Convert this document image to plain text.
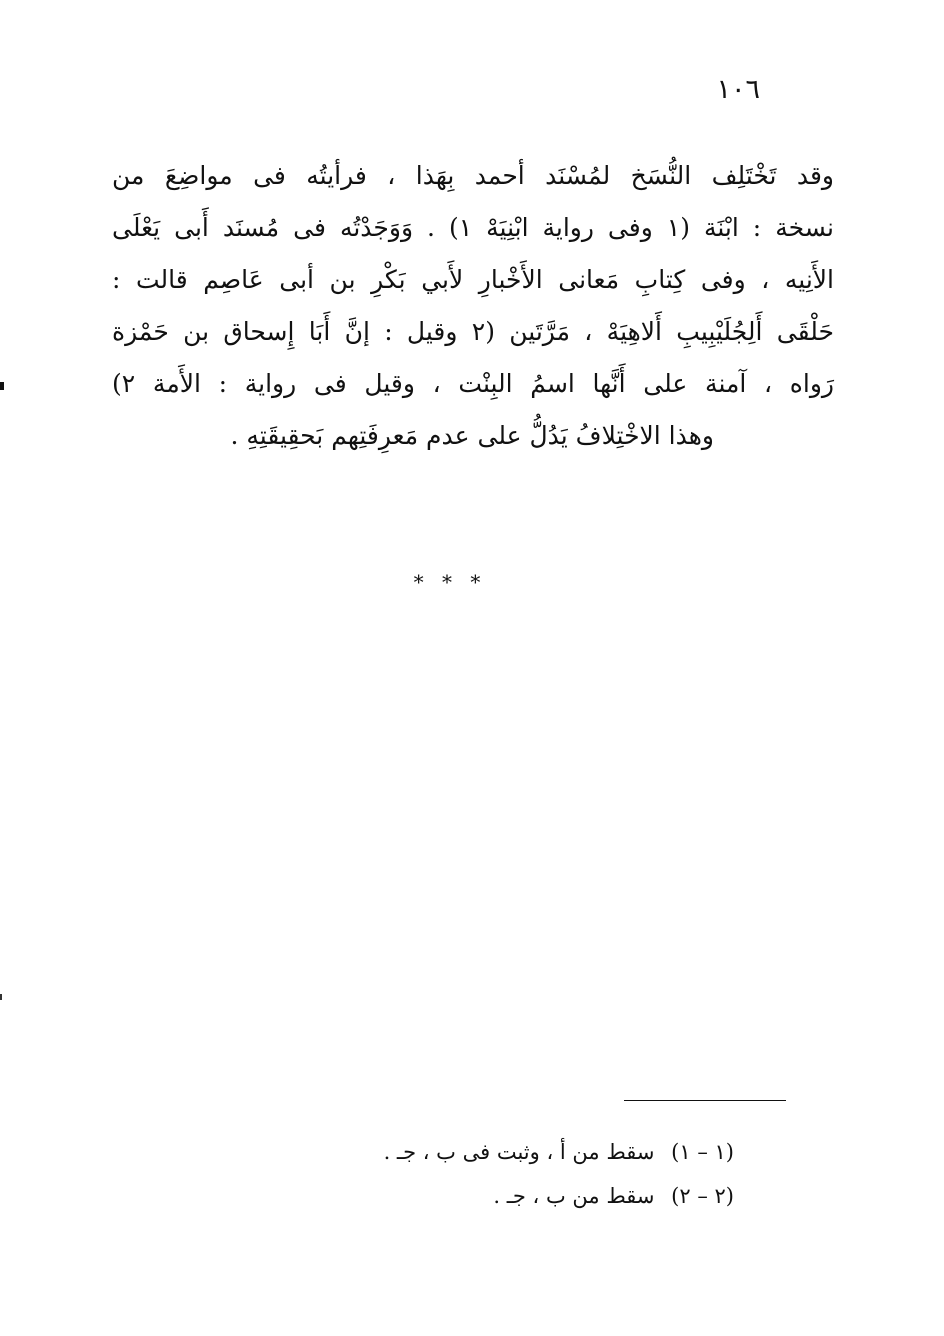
١٠٦
وقد تَخْتَلِف النُّسَخ لمُسْنَد أحمد بِهَذا ، فرأيتُه فى مواضِعَ من
نسخة : ابْنَة ‎(١‎ وفى رواية ابْنِيَهْ ‎١)‎ . وَوَجَدْتُه فى مُسنَد أَبى يَعْلَى
الأَنِيه ، وفى كِتابِ مَعانى الأَخْبارِ لأَبي بَكْرِ بن أبى عَاصِم قالت :
حَلْقَى أَلِجُلَيْبِيبِ أَلاهِيَهْ ، مَرَّتَين ‎(٢‎ وقيل : إنَّ أَبَا إِسحاق بن حَمْزة
رَواه ، آمنة على أَنَّها اسمُ البِنْت ، وقيل فى رواية : الأَمة ‎٢)‎
وهذا الاخْتِلافُ يَدُلُّ على عدم مَعرِفَتِهم بَحقِيقَتِهِ .
* * *
(١ – ١) سقط من أ ، وثبت فى ب ، جـ .
(٢ – ٢) سقط من ب ، جـ .
